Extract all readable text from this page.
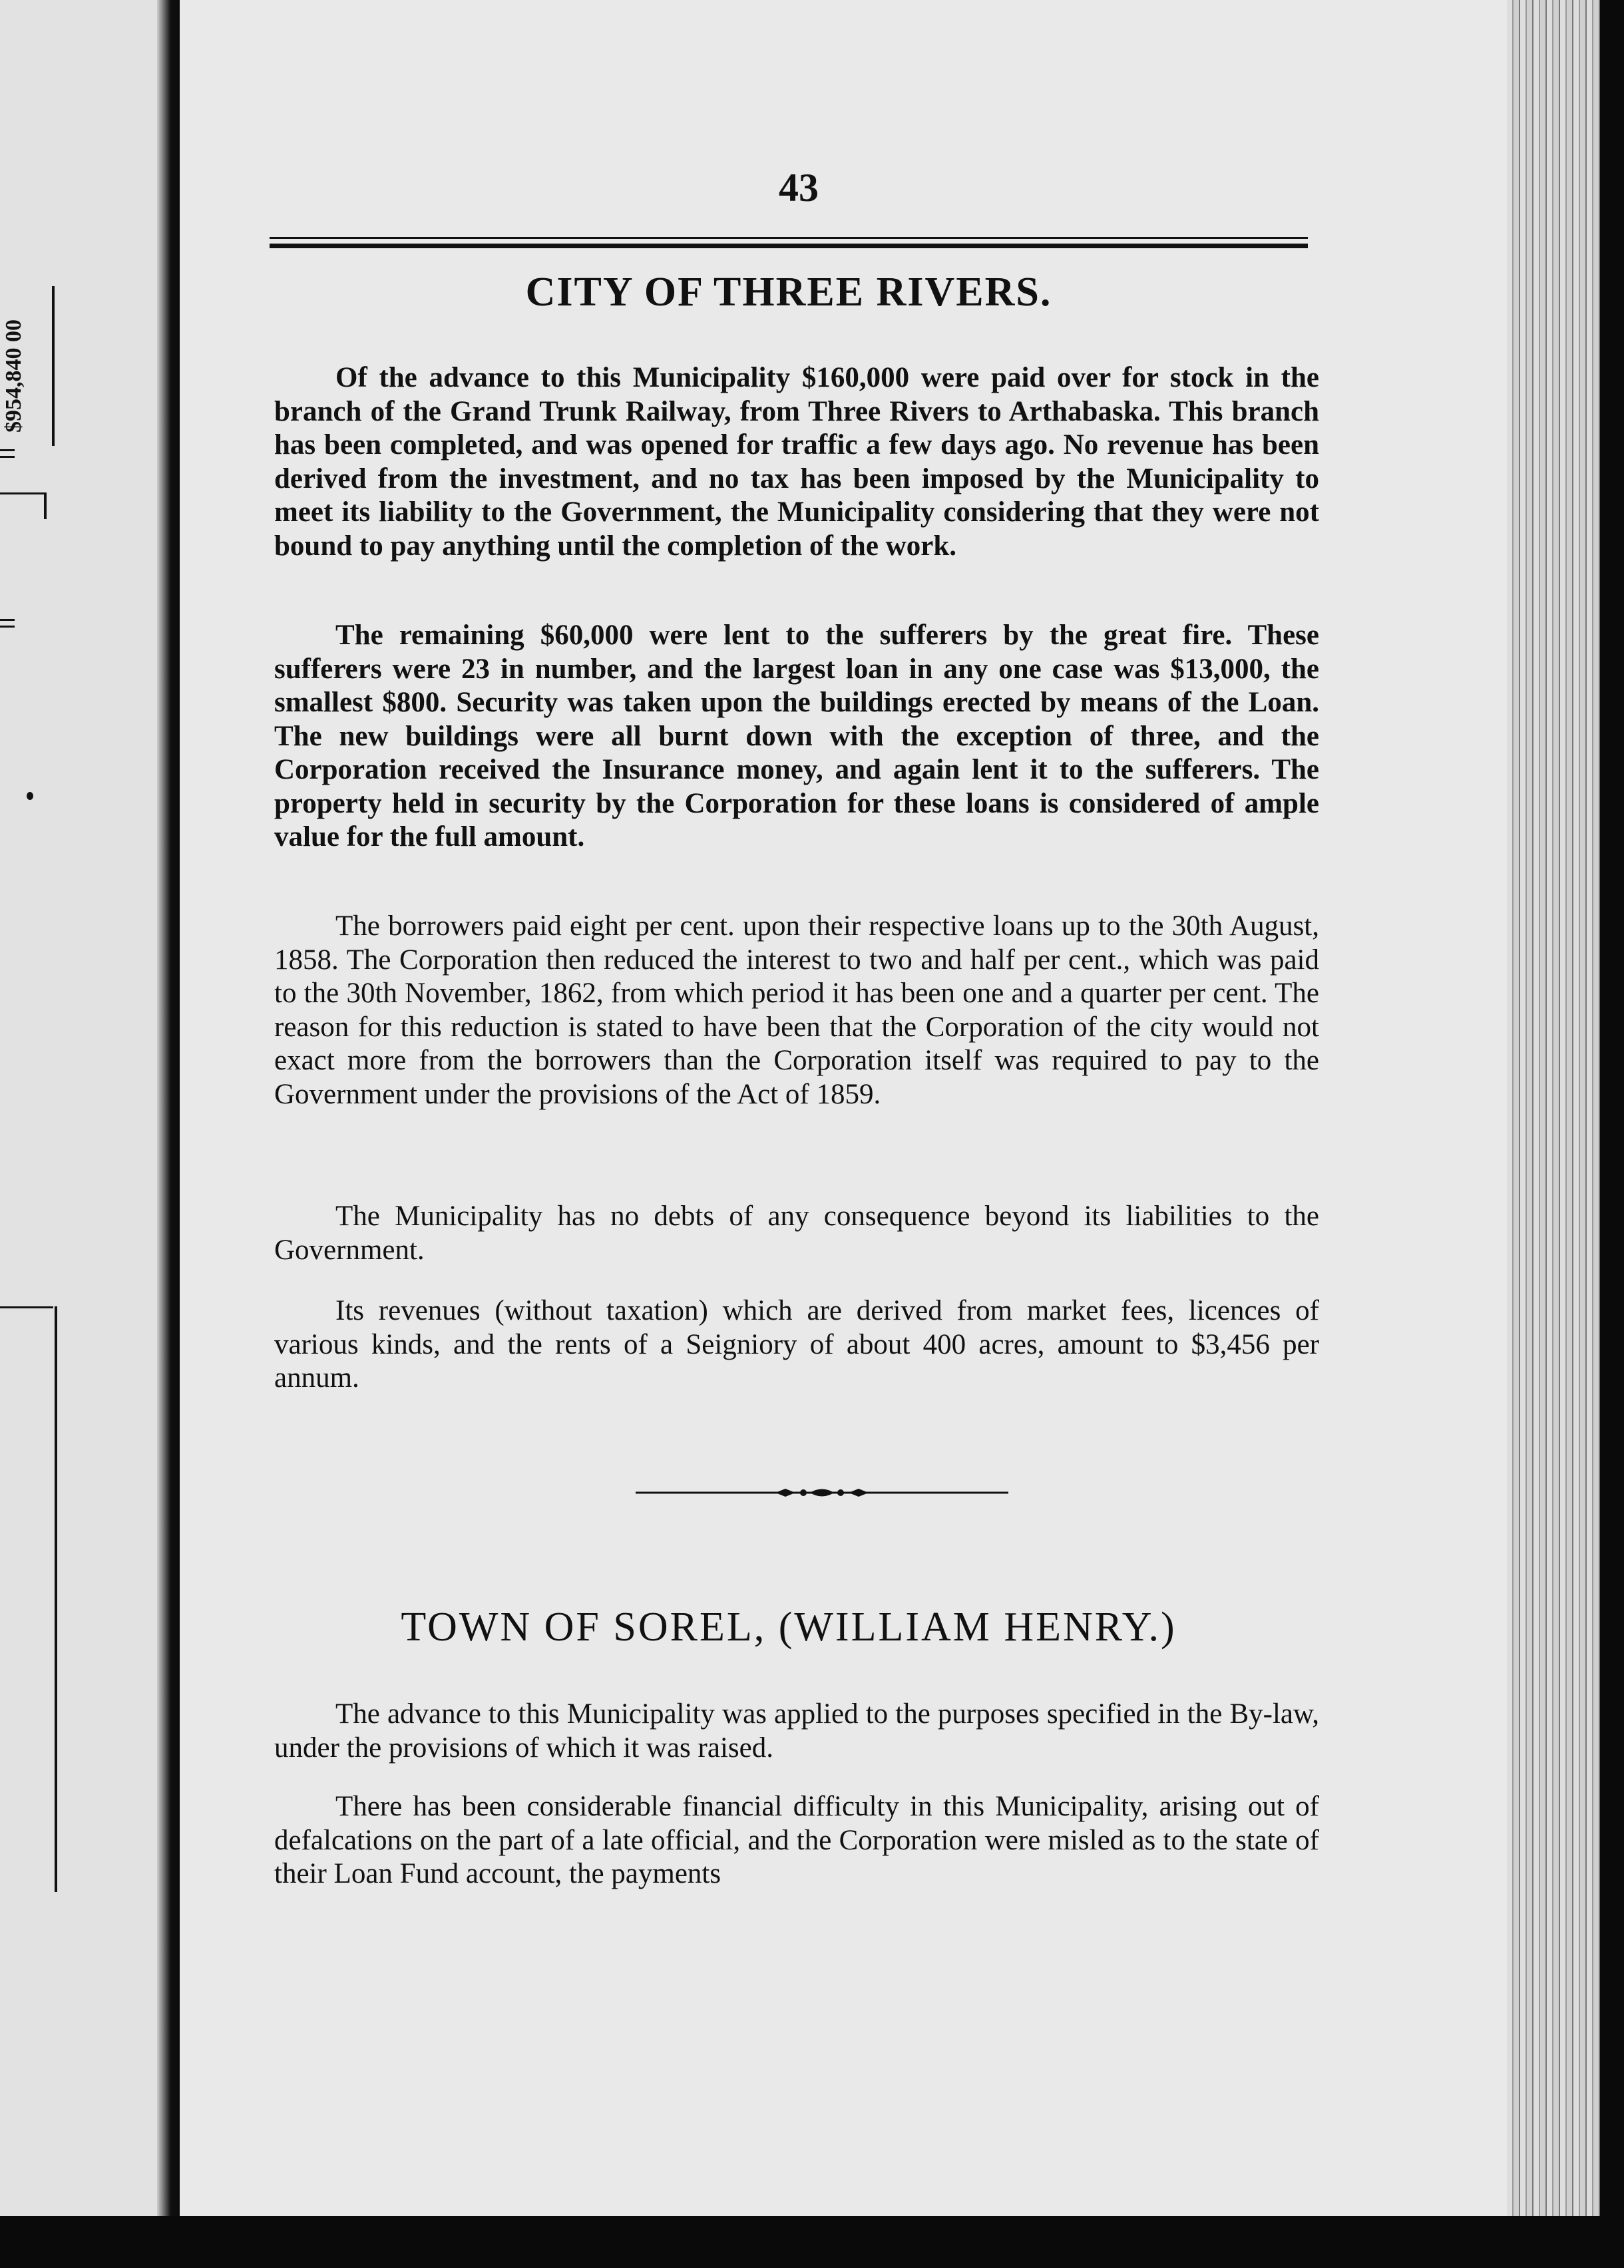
$954,840 00
43
CITY OF THREE RIVERS.

Of the advance to this Municipality $160,000 were paid over for stock in the branch of the Grand Trunk Railway, from Three Rivers to Arthabaska. This branch has been completed, and was opened for traffic a few days ago. No revenue has been derived from the investment, and no tax has been imposed by the Municipality to meet its liability to the Government, the Municipality considering that they were not bound to pay anything until the completion of the work.

The remaining $60,000 were lent to the sufferers by the great fire. These sufferers were 23 in number, and the largest loan in any one case was $13,000, the smallest $800. Security was taken upon the buildings erected by means of the Loan. The new buildings were all burnt down with the exception of three, and the Corporation received the Insurance money, and again lent it to the sufferers. The property held in security by the Corporation for these loans is considered of ample value for the full amount.

The borrowers paid eight per cent. upon their respective loans up to the 30th August, 1858. The Corporation then reduced the interest to two and half per cent., which was paid to the 30th November, 1862, from which period it has been one and a quarter per cent. The reason for this reduction is stated to have been that the Corporation of the city would not exact more from the borrowers than the Corporation itself was required to pay to the Government under the provisions of the Act of 1859.

The Municipality has no debts of any consequence beyond its liabilities to the Government.

Its revenues (without taxation) which are derived from market fees, licences of various kinds, and the rents of a Seigniory of about 400 acres, amount to $3,456 per annum.

TOWN OF SOREL, (WILLIAM HENRY.)

The advance to this Municipality was applied to the purposes specified in the By-law, under the provisions of which it was raised.

There has been considerable financial difficulty in this Municipality, arising out of defalcations on the part of a late official, and the Corporation were misled as to the state of their Loan Fund account, the payments
